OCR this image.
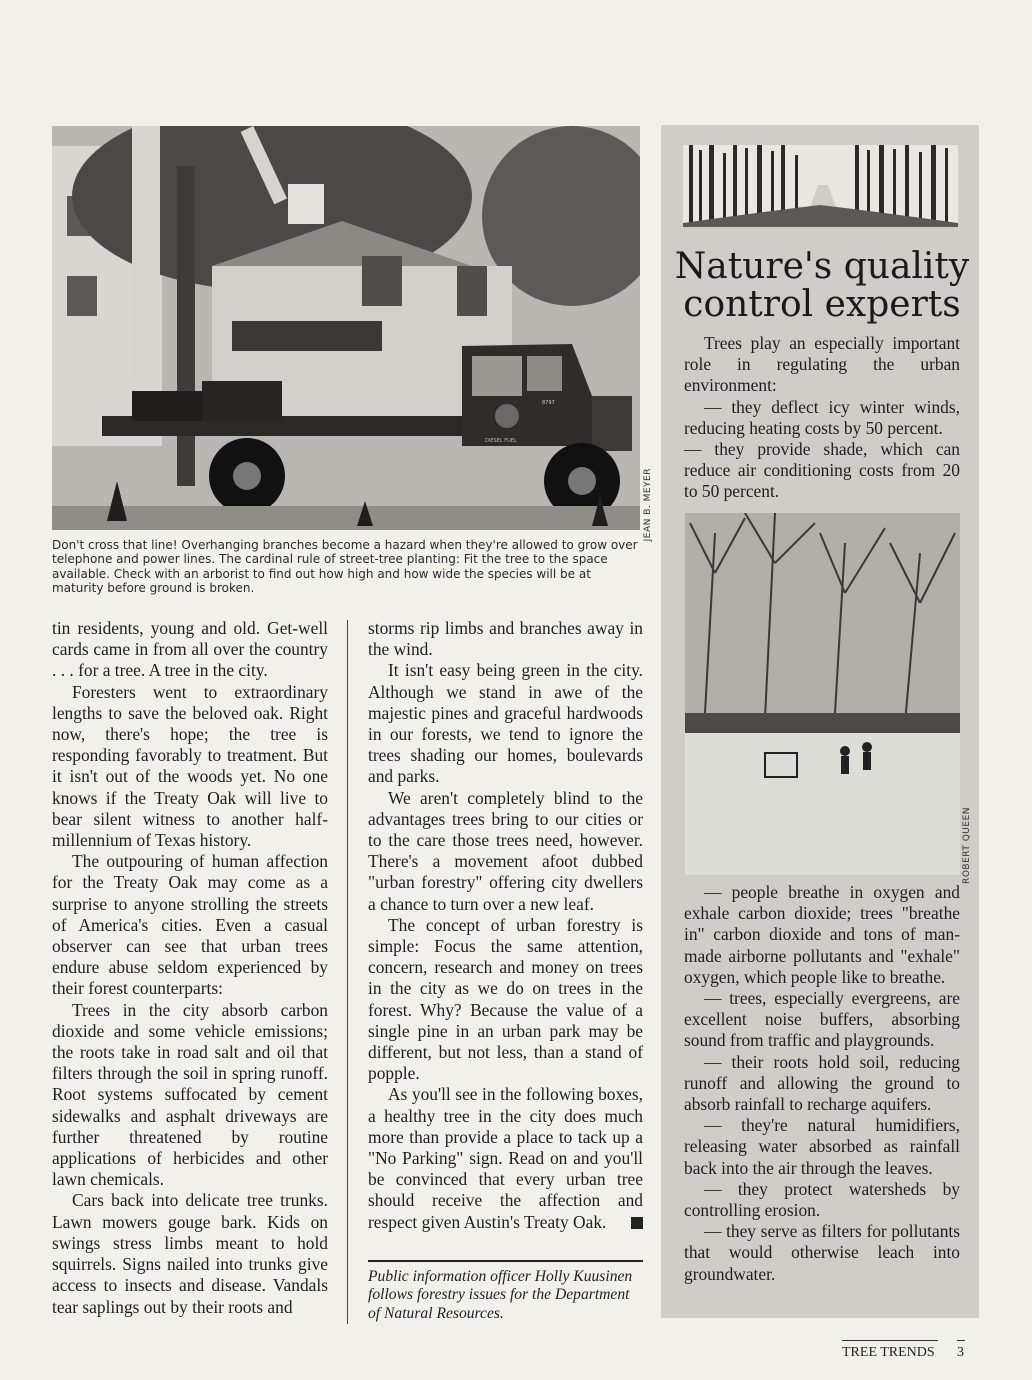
DIESEL FUEL
8797
JEAN B. MEYER
Don't cross that line! Overhanging branches become a hazard when they're allowed to grow over telephone and power lines. The cardinal rule of street-tree planting: Fit the tree to the space available. Check with an arborist to find out how high and how wide the species will be at maturity before ground is broken.

tin residents, young and old. Get-well cards came in from all over the country . . . for a tree. A tree in the city.

Foresters went to extraordinary lengths to save the beloved oak. Right now, there's hope; the tree is responding favorably to treatment. But it isn't out of the woods yet. No one knows if the Treaty Oak will live to bear silent witness to another half-millennium of Texas history.

The outpouring of human affection for the Treaty Oak may come as a surprise to anyone strolling the streets of America's cities. Even a casual observer can see that urban trees endure abuse seldom experienced by their forest counterparts:

Trees in the city absorb carbon dioxide and some vehicle emissions; the roots take in road salt and oil that filters through the soil in spring runoff. Root systems suffocated by cement sidewalks and asphalt driveways are further threatened by routine applications of herbicides and other lawn chemicals.

Cars back into delicate tree trunks. Lawn mowers gouge bark. Kids on swings stress limbs meant to hold squirrels. Signs nailed into trunks give access to insects and disease. Vandals tear saplings out by their roots and

storms rip limbs and branches away in the wind.

It isn't easy being green in the city. Although we stand in awe of the majestic pines and graceful hardwoods in our forests, we tend to ignore the trees shading our homes, boulevards and parks.

We aren't completely blind to the advantages trees bring to our cities or to the care those trees need, however. There's a movement afoot dubbed "urban forestry" offering city dwellers a chance to turn over a new leaf.

The concept of urban forestry is simple: Focus the same attention, concern, research and money on trees in the city as we do on trees in the forest. Why? Because the value of a single pine in an urban park may be different, but not less, than a stand of popple.

As you'll see in the following boxes, a healthy tree in the city does much more than provide a place to tack up a "No Parking" sign. Read on and you'll be convinced that every urban tree should receive the affection and respect given Austin's Treaty Oak.

Public information officer Holly Kuusinen follows forestry issues for the Department of Natural Resources.
Nature's quality
control experts

Trees play an especially important role in regulating the urban environment:

— they deflect icy winter winds, reducing heating costs by 50 percent.

— they provide shade, which can reduce air conditioning costs from 20 to 50 percent.

ROBERT QUEEN

— people breathe in oxygen and exhale carbon dioxide; trees "breathe in" carbon dioxide and tons of man-made airborne pollutants and "exhale" oxygen, which people like to breathe.

— trees, especially evergreens, are excellent noise buffers, absorbing sound from traffic and playgrounds.

— their roots hold soil, reducing runoff and allowing the ground to absorb rainfall to recharge aquifers.

— they're natural humidifiers, releasing water absorbed as rainfall back into the air through the leaves.

— they protect watersheds by controlling erosion.

— they serve as filters for pollutants that would otherwise leach into groundwater.

TREE TRENDS 3
